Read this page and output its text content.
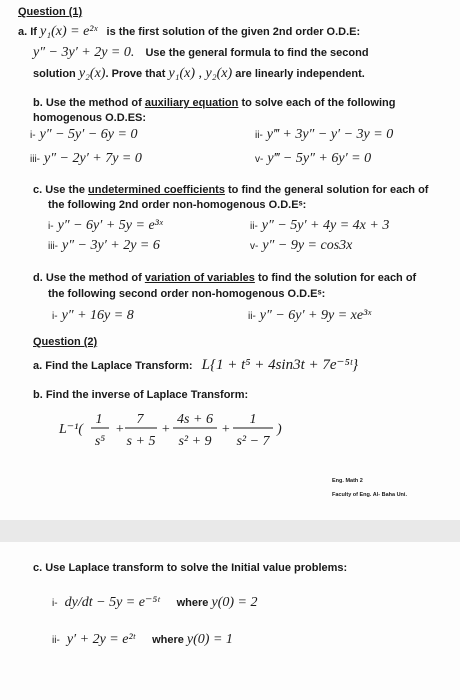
Question (1)
a. If y₁(x) = e²ˣ is the first solution of the given 2nd order O.D.E:
y″ − 3y′ + 2y = 0. Use the general formula to find the second
solution y₂(x). Prove that y₁(x) , y₂(x) are linearly independent.
b. Use the method of auxiliary equation to solve each of the following
homogenous O.D.ES:
i- y″ − 5y′ − 6y = 0	ii- y‴ + 3y″ − y′ − 3y = 0
iii- y″ − 2y′ + 7y = 0	v- y‴ − 5y″ + 6y′ = 0
c. Use the undetermined coefficients to find the general solution for each of
the following 2nd order non-homogenous O.D.Eˢ:
i- y″ − 6y′ + 5y = e³ˣ	ii- y″ − 5y′ + 4y = 4x + 3
iii- y″ − 3y′ + 2y = 6	v- y″ − 9y = cos3x
d. Use the method of variation of variables to find the solution for each of
the following second order non-homogenous O.D.Eˢ:
i- y″ + 16y = 8	ii- y″ − 6y′ + 9y = xe³ˣ
Question (2)
a. Find the Laplace Transform: L{1 + t⁵ + 4sin3t + 7e⁻⁵ᵗ}
b. Find the inverse of Laplace Transform:
L⁻¹(
1
s⁵
+
7
s + 5
+
4s + 6
s² + 9
+
1
s² − 7
)
Eng. Math 2
Faculty of Eng. Al- Baha Uni.
c. Use Laplace transform to solve the Initial value problems:
i- dy/dt − 5y = e⁻⁵ᵗ where y(0) = 2
ii- y′ + 2y = e²ᵗ where y(0) = 1
